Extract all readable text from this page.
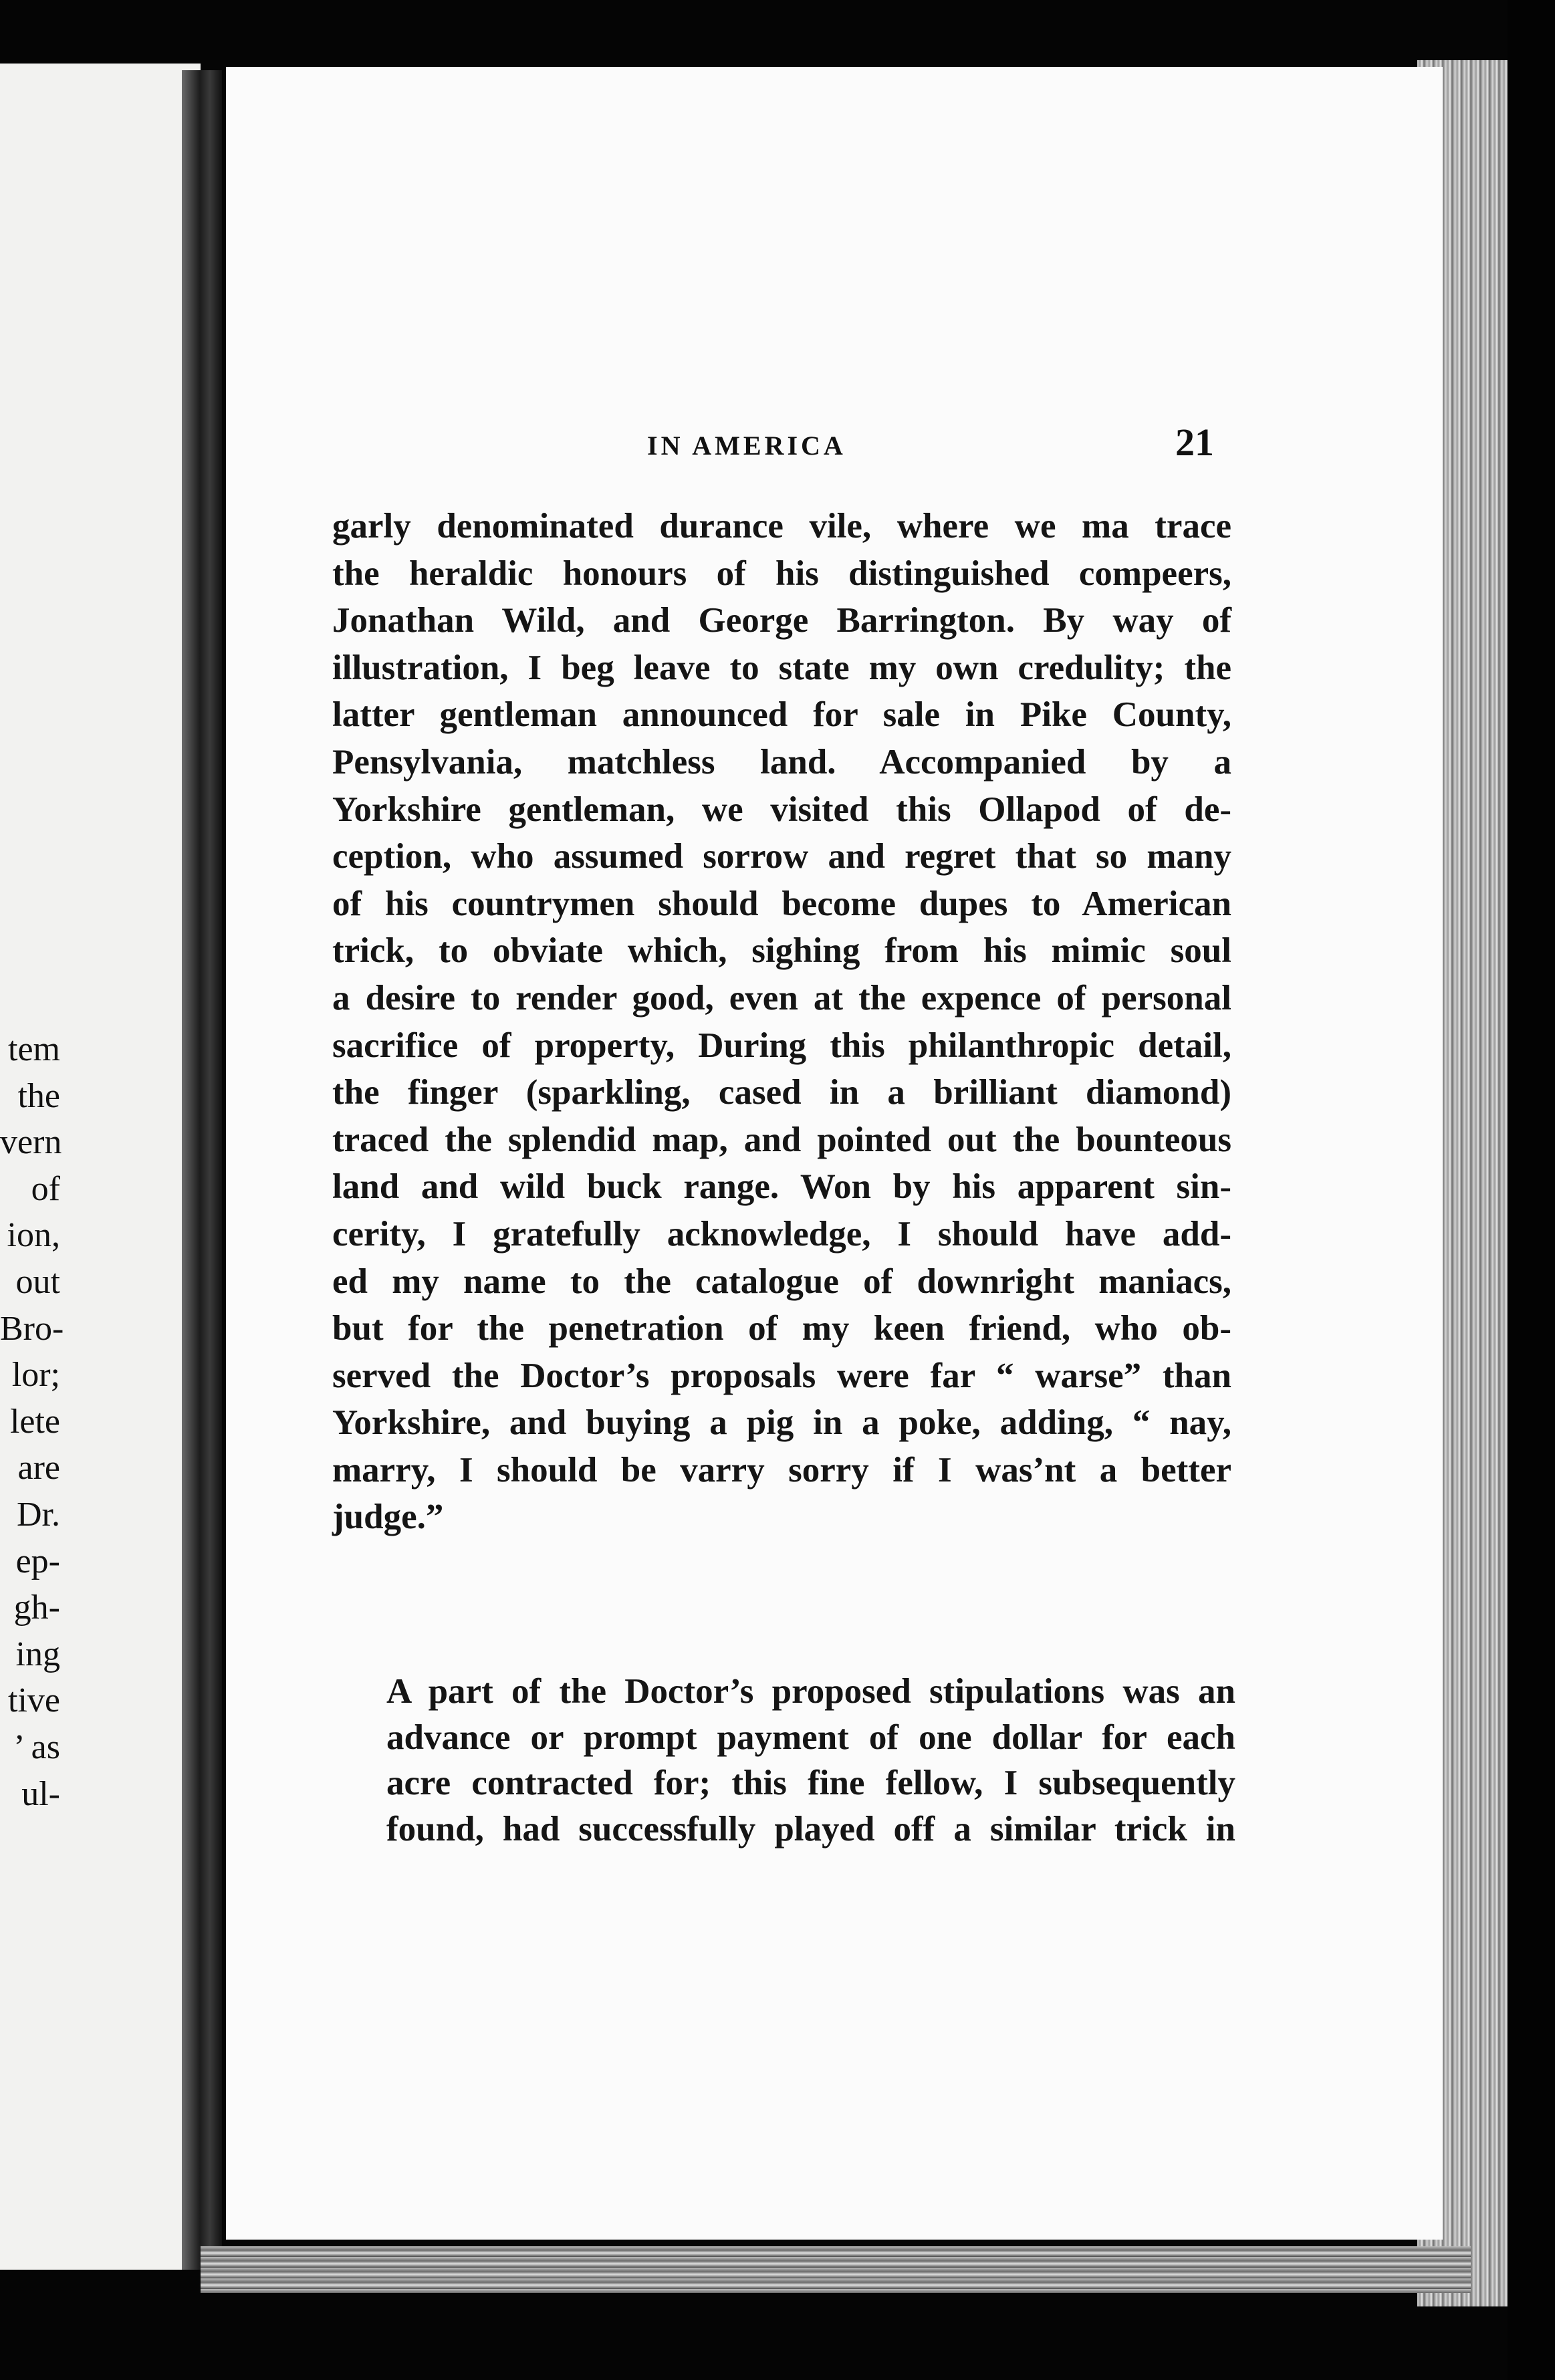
tem
the
vern
of
ion,
out
Bro-
lor;
lete
are
Dr.
ep-
gh-
ing
tive
’ as
ul-
IN AMERICA	21
garly denominated durance vile, where we ma trace
the heraldic honours of his distinguished compeers,
Jonathan Wild, and George Barrington. By way of
illustration, I beg leave to state my own credulity; the
latter gentleman announced for sale in Pike County,
Pensylvania, matchless land. Accompanied by a
Yorkshire gentleman, we visited this Ollapod of de-
ception, who assumed sorrow and regret that so many
of his countrymen should become dupes to American
trick, to obviate which, sighing from his mimic soul
a desire to render good, even at the expence of personal
sacrifice of property, During this philanthropic detail,
the finger (sparkling, cased in a brilliant diamond)
traced the splendid map, and pointed out the bounteous
land and wild buck range. Won by his apparent sin-
cerity, I gratefully acknowledge, I should have add-
ed my name to the catalogue of downright maniacs,
but for the penetration of my keen friend, who ob-
served the Doctor’s proposals were far “ warse” than
Yorkshire, and buying a pig in a poke, adding, “ nay,
marry, I should be varry sorry if I was’nt a better
judge.”
A part of the Doctor’s proposed stipulations was an
advance or prompt payment of one dollar for each
acre contracted for; this fine fellow, I subsequently
found, had successfully played off a similar trick in
